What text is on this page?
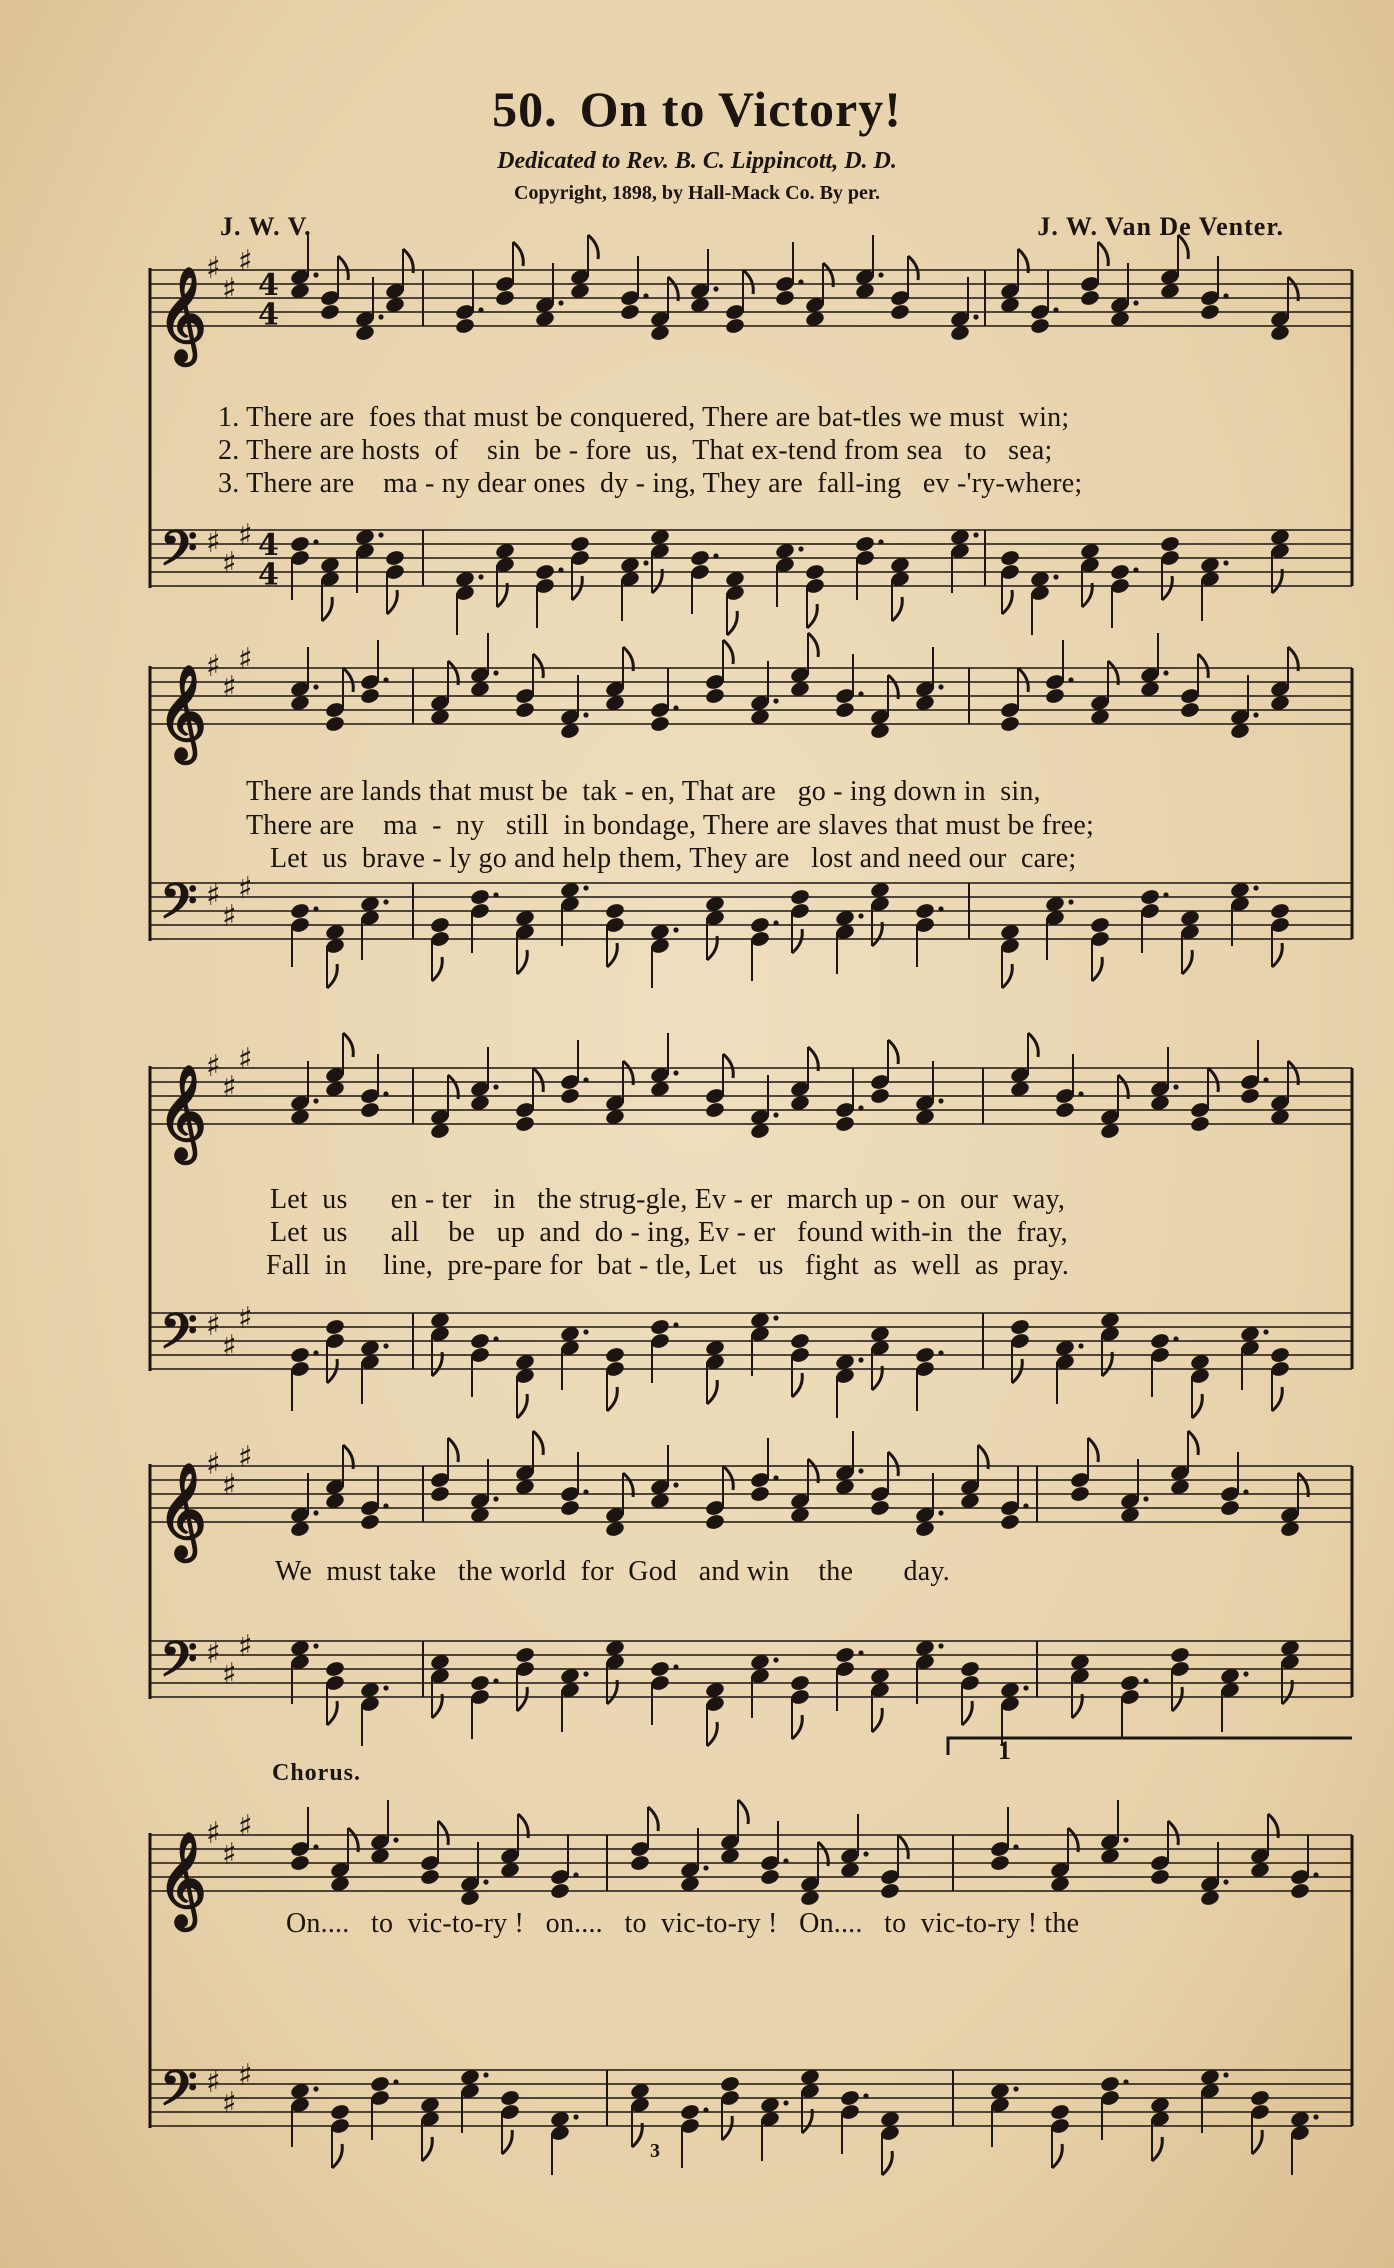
50. On to Victory!
Dedicated to Rev. B. C. Lippincott, D. D.
Copyright, 1898, by Hall-Mack Co. By per.
J. W. V.	J. W. Van De Venter.
𝄞 ♯
♯
♯
4
4
𝄢 ♯
♯
♯ 4
4
𝄞 ♯
♯
♯
𝄢 ♯
♯
♯
𝄞 ♯
♯
♯
𝄢 ♯
♯
♯
𝄞 ♯
♯
♯
𝄢 ♯
♯
♯
𝄞 ♯
♯
♯
𝄢 ♯
♯
♯
1. There are  foes that must be conquered, There are bat-tles we must  win;
2. There are hosts  of    sin  be - fore  us,  That ex-tend from sea   to   sea;
3. There are    ma - ny dear ones  dy - ing, They are  fall-ing   ev -'ry-where;
There are lands that must be  tak - en, That are   go - ing down in  sin,
There are    ma  -  ny   still  in bondage, There are slaves that must be free;
Let  us  brave - ly go and help them, They are   lost and need our  care;
Let  us      en - ter   in   the strug-gle, Ev - er  march up - on  our  way,
Let  us      all    be   up  and  do - ing, Ev - er   found with-in  the  fray,
Fall  in     line,  pre-pare for  bat - tle, Let   us   fight  as  well  as  pray.
We  must take   the world  for  God   and win    the       day.
Chorus.
1
On....   to  vic-to-ry !   on....   to  vic-to-ry !   On....   to  vic-to-ry ! the
3
